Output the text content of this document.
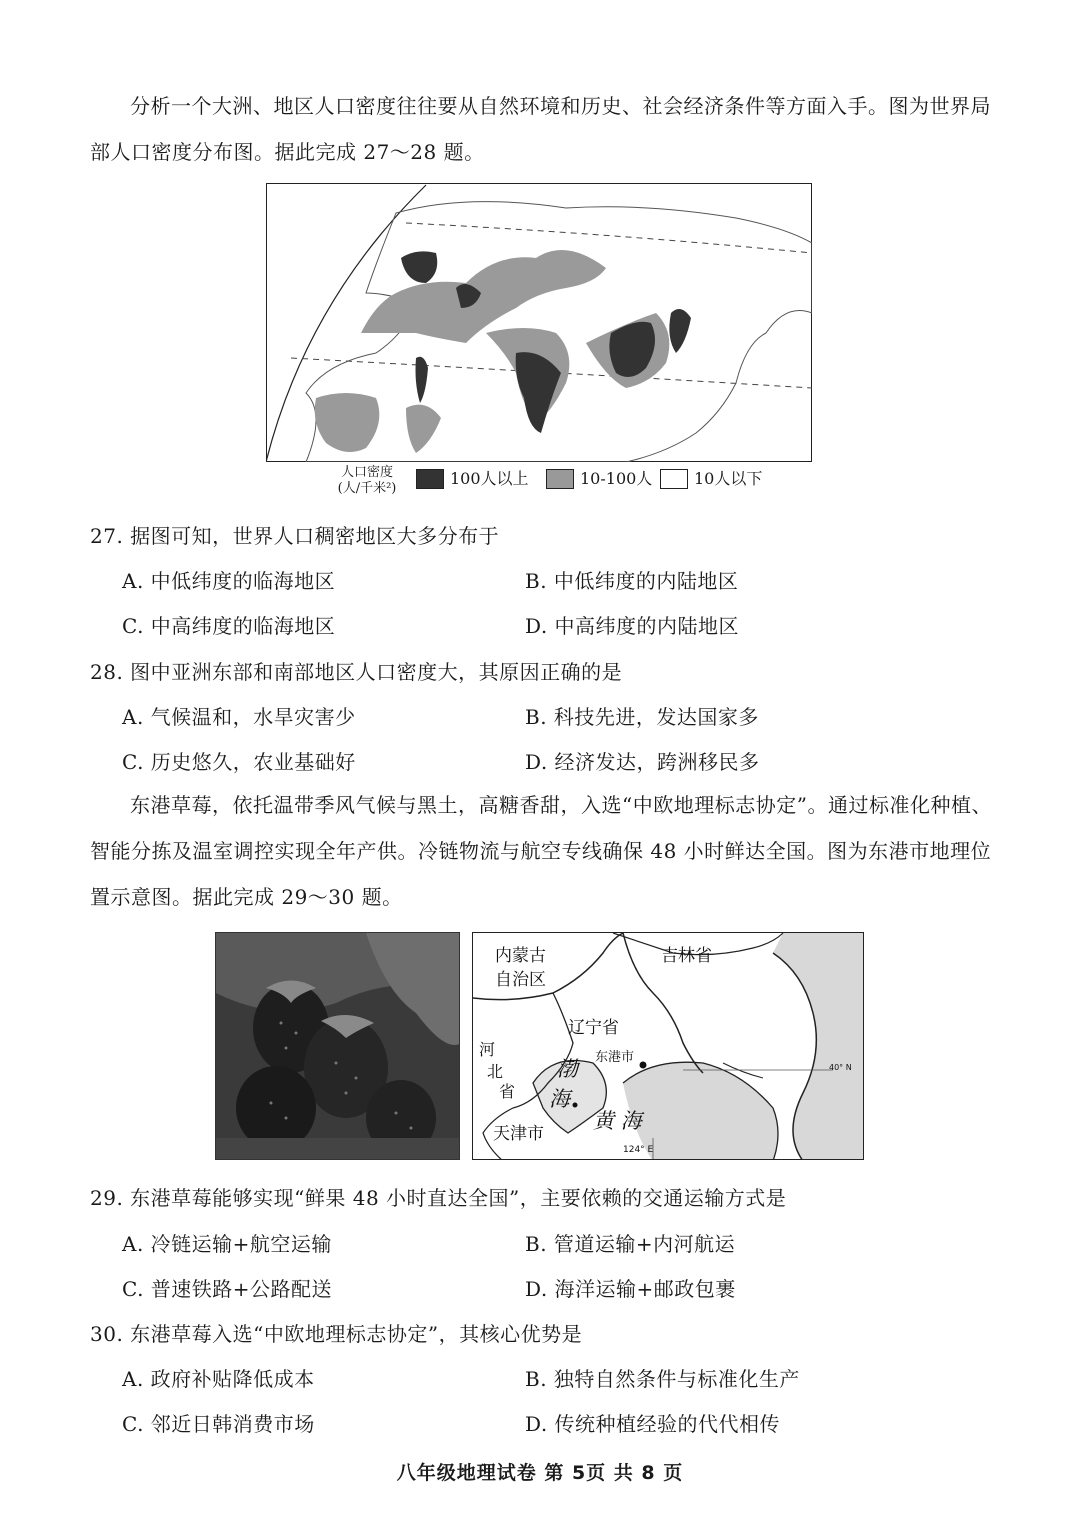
分析一个大洲、地区人口密度往往要从自然环境和历史、社会经济条件等方面入手。图为世界局部人口密度分布图。据此完成 27～28 题。
人口密度
(人/千米²)
100人以上	10-100人	10人以下
27. 据图可知，世界人口稠密地区大多分布于
A. 中低纬度的临海地区	B. 中低纬度的内陆地区
C. 中高纬度的临海地区	D. 中高纬度的内陆地区
28. 图中亚洲东部和南部地区人口密度大，其原因正确的是
A. 气候温和，水旱灾害少	B. 科技先进，发达国家多
C. 历史悠久，农业基础好	D. 经济发达，跨洲移民多
东港草莓，依托温带季风气候与黑土，高糖香甜，入选“中欧地理标志协定”。通过标准化种植、智能分拣及温室调控实现全年产供。冷链物流与航空专线确保 48 小时鲜达全国。图为东港市地理位置示意图。据此完成 29～30 题。
内蒙古
自治区
吉林省
辽宁省
河
北
省
渤
海
东港市
黄 海
天津市
40° N
124° E
29. 东港草莓能够实现“鲜果 48 小时直达全国”，主要依赖的交通运输方式是
A. 冷链运输+航空运输	B. 管道运输+内河航运
C. 普速铁路+公路配送	D. 海洋运输+邮政包裹
30. 东港草莓入选“中欧地理标志协定”，其核心优势是
A. 政府补贴降低成本	B. 独特自然条件与标准化生产
C. 邻近日韩消费市场	D. 传统种植经验的代代相传
八年级地理试卷 第 5页 共 8 页
